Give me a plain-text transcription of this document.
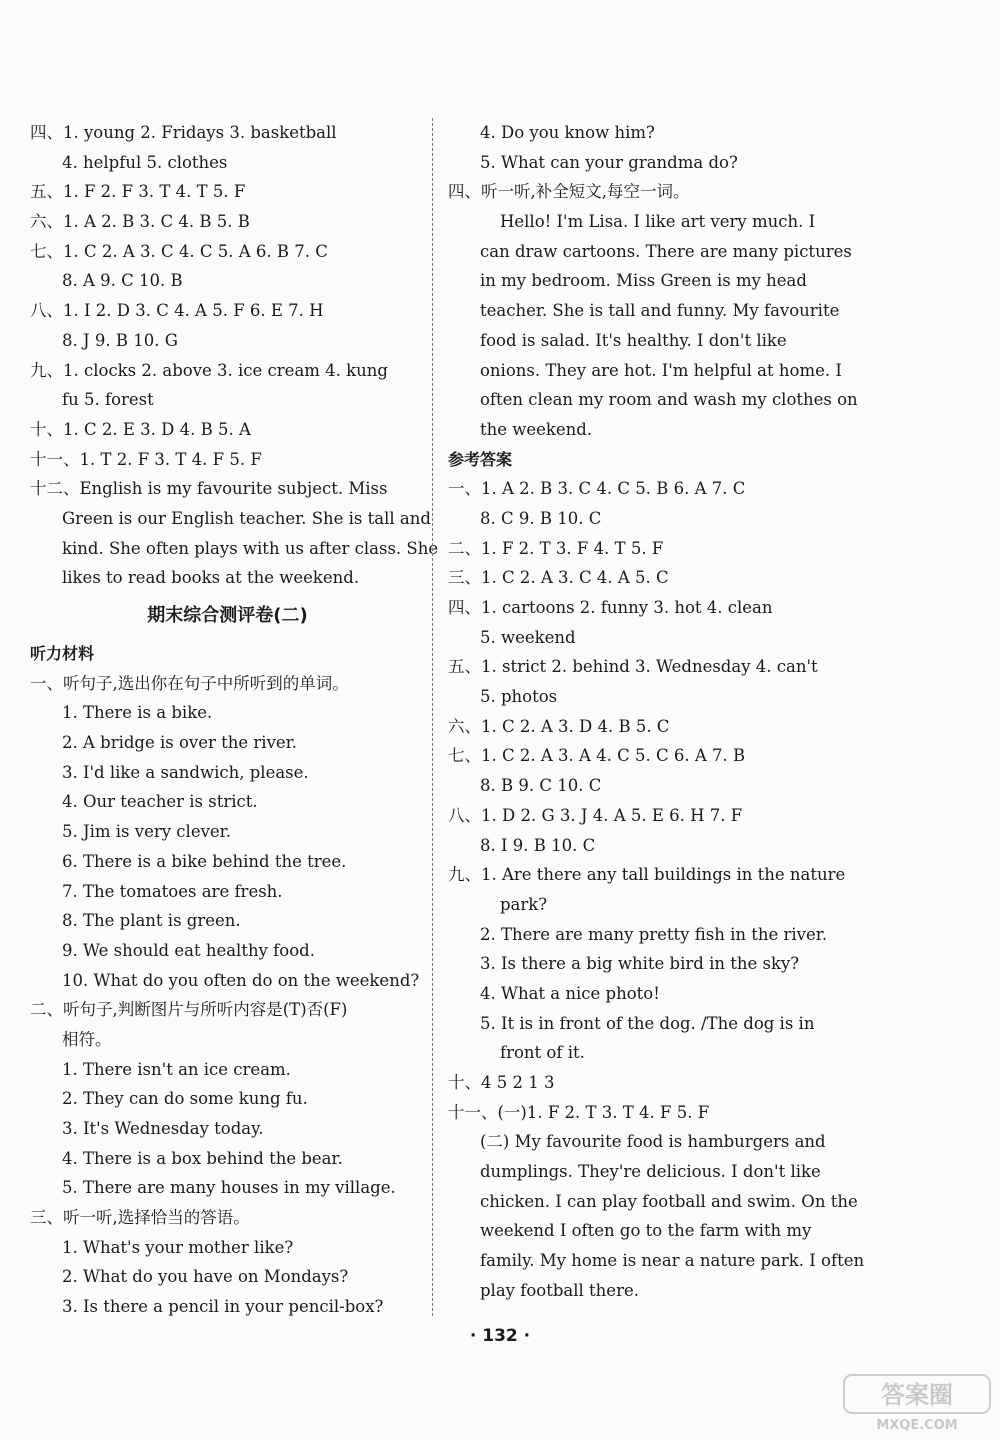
四、1. young 2. Fridays 3. basketball
4. helpful 5. clothes
五、1. F 2. F 3. T 4. T 5. F
六、1. A 2. B 3. C 4. B 5. B
七、1. C 2. A 3. C 4. C 5. A 6. B 7. C
8. A 9. C 10. B
八、1. I 2. D 3. C 4. A 5. F 6. E 7. H
8. J 9. B 10. G
九、1. clocks 2. above 3. ice cream 4. kung
fu 5. forest
十、1. C 2. E 3. D 4. B 5. A
十一、1. T 2. F 3. T 4. F 5. F
十二、English is my favourite subject. Miss
Green is our English teacher. She is tall and
kind. She often plays with us after class. She
likes to read books at the weekend.
期末综合测评卷(二)
听力材料
一、听句子,选出你在句子中所听到的单词。
1. There is a bike.
2. A bridge is over the river.
3. I'd like a sandwich, please.
4. Our teacher is strict.
5. Jim is very clever.
6. There is a bike behind the tree.
7. The tomatoes are fresh.
8. The plant is green.
9. We should eat healthy food.
10. What do you often do on the weekend?
二、听句子,判断图片与所听内容是(T)否(F)
相符。
1. There isn't an ice cream.
2. They can do some kung fu.
3. It's Wednesday today.
4. There is a box behind the bear.
5. There are many houses in my village.
三、听一听,选择恰当的答语。
1. What's your mother like?
2. What do you have on Mondays?
3. Is there a pencil in your pencil-box?
4. Do you know him?
5. What can your grandma do?
四、听一听,补全短文,每空一词。
Hello! I'm Lisa. I like art very much. I
can draw cartoons. There are many pictures
in my bedroom. Miss Green is my head
teacher. She is tall and funny. My favourite
food is salad. It's healthy. I don't like
onions. They are hot. I'm helpful at home. I
often clean my room and wash my clothes on
the weekend.
参考答案
一、1. A 2. B 3. C 4. C 5. B 6. A 7. C
8. C 9. B 10. C
二、1. F 2. T 3. F 4. T 5. F
三、1. C 2. A 3. C 4. A 5. C
四、1. cartoons 2. funny 3. hot 4. clean
5. weekend
五、1. strict 2. behind 3. Wednesday 4. can't
5. photos
六、1. C 2. A 3. D 4. B 5. C
七、1. C 2. A 3. A 4. C 5. C 6. A 7. B
8. B 9. C 10. C
八、1. D 2. G 3. J 4. A 5. E 6. H 7. F
8. I 9. B 10. C
九、1. Are there any tall buildings in the nature
park?
2. There are many pretty fish in the river.
3. Is there a big white bird in the sky?
4. What a nice photo!
5. It is in front of the dog. /The dog is in
front of it.
十、4 5 2 1 3
十一、(一)1. F 2. T 3. T 4. F 5. F
(二) My favourite food is hamburgers and
dumplings. They're delicious. I don't like
chicken. I can play football and swim. On the
weekend I often go to the farm with my
family. My home is near a nature park. I often
play football there.
· 132 ·
答案圈
MXQE.COM
